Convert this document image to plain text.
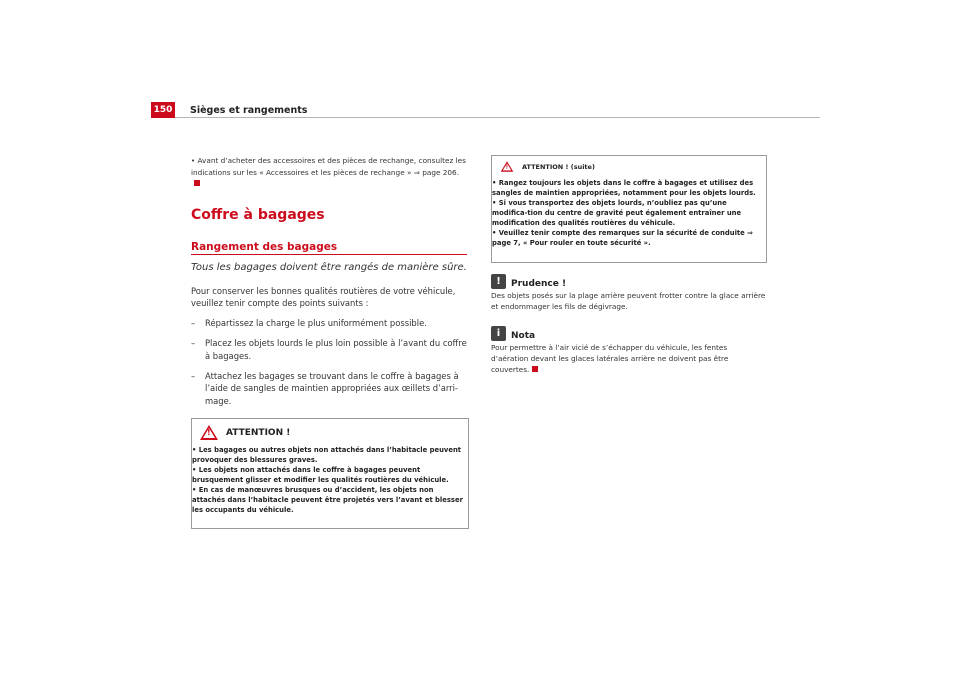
150 Sièges et rangements
• Avant d’acheter des accessoires et des pièces de rechange, consultez les indications sur les « Accessoires et les pièces de rechange » ⇒ page 206.
Coffre à bagages
Rangement des bagages
Tous les bagages doivent être rangés de manière sûre.

Pour conserver les bonnes qualités routières de votre véhicule, veuillez tenir compte des points suivants :

–	Répartissez la charge le plus uniformément possible.
–	Placez les objets lourds le plus loin possible à l’avant du coffre à bagages.
–	Attachez les bagages se trouvant dans le coffre à bagages à l’aide de sangles de maintien appropriées aux œillets d’arri-mage.
! ATTENTION !
• Les bagages ou autres objets non attachés dans l’habitacle peuvent provoquer des blessures graves.
• Les objets non attachés dans le coffre à bagages peuvent brusquement glisser et modifier les qualités routières du véhicule.
• En cas de manœuvres brusques ou d’accident, les objets non attachés dans l’habitacle peuvent être projetés vers l’avant et blesser les occupants du véhicule.
! ATTENTION ! (suite)
• Rangez toujours les objets dans le coffre à bagages et utilisez des sangles de maintien appropriées, notamment pour les objets lourds.
• Si vous transportez des objets lourds, n’oubliez pas qu’une modifica-tion du centre de gravité peut également entraîner une modification des qualités routières du véhicule.
• Veuillez tenir compte des remarques sur la sécurité de conduite ⇒ page 7, « Pour rouler en toute sécurité ».
!	Prudence !
Des objets posés sur la plage arrière peuvent frotter contre la glace arrière et endommager les fils de dégivrage.
i	Nota
Pour permettre à l’air vicié de s’échapper du véhicule, les fentes d’aération devant les glaces latérales arrière ne doivent pas être couvertes.
